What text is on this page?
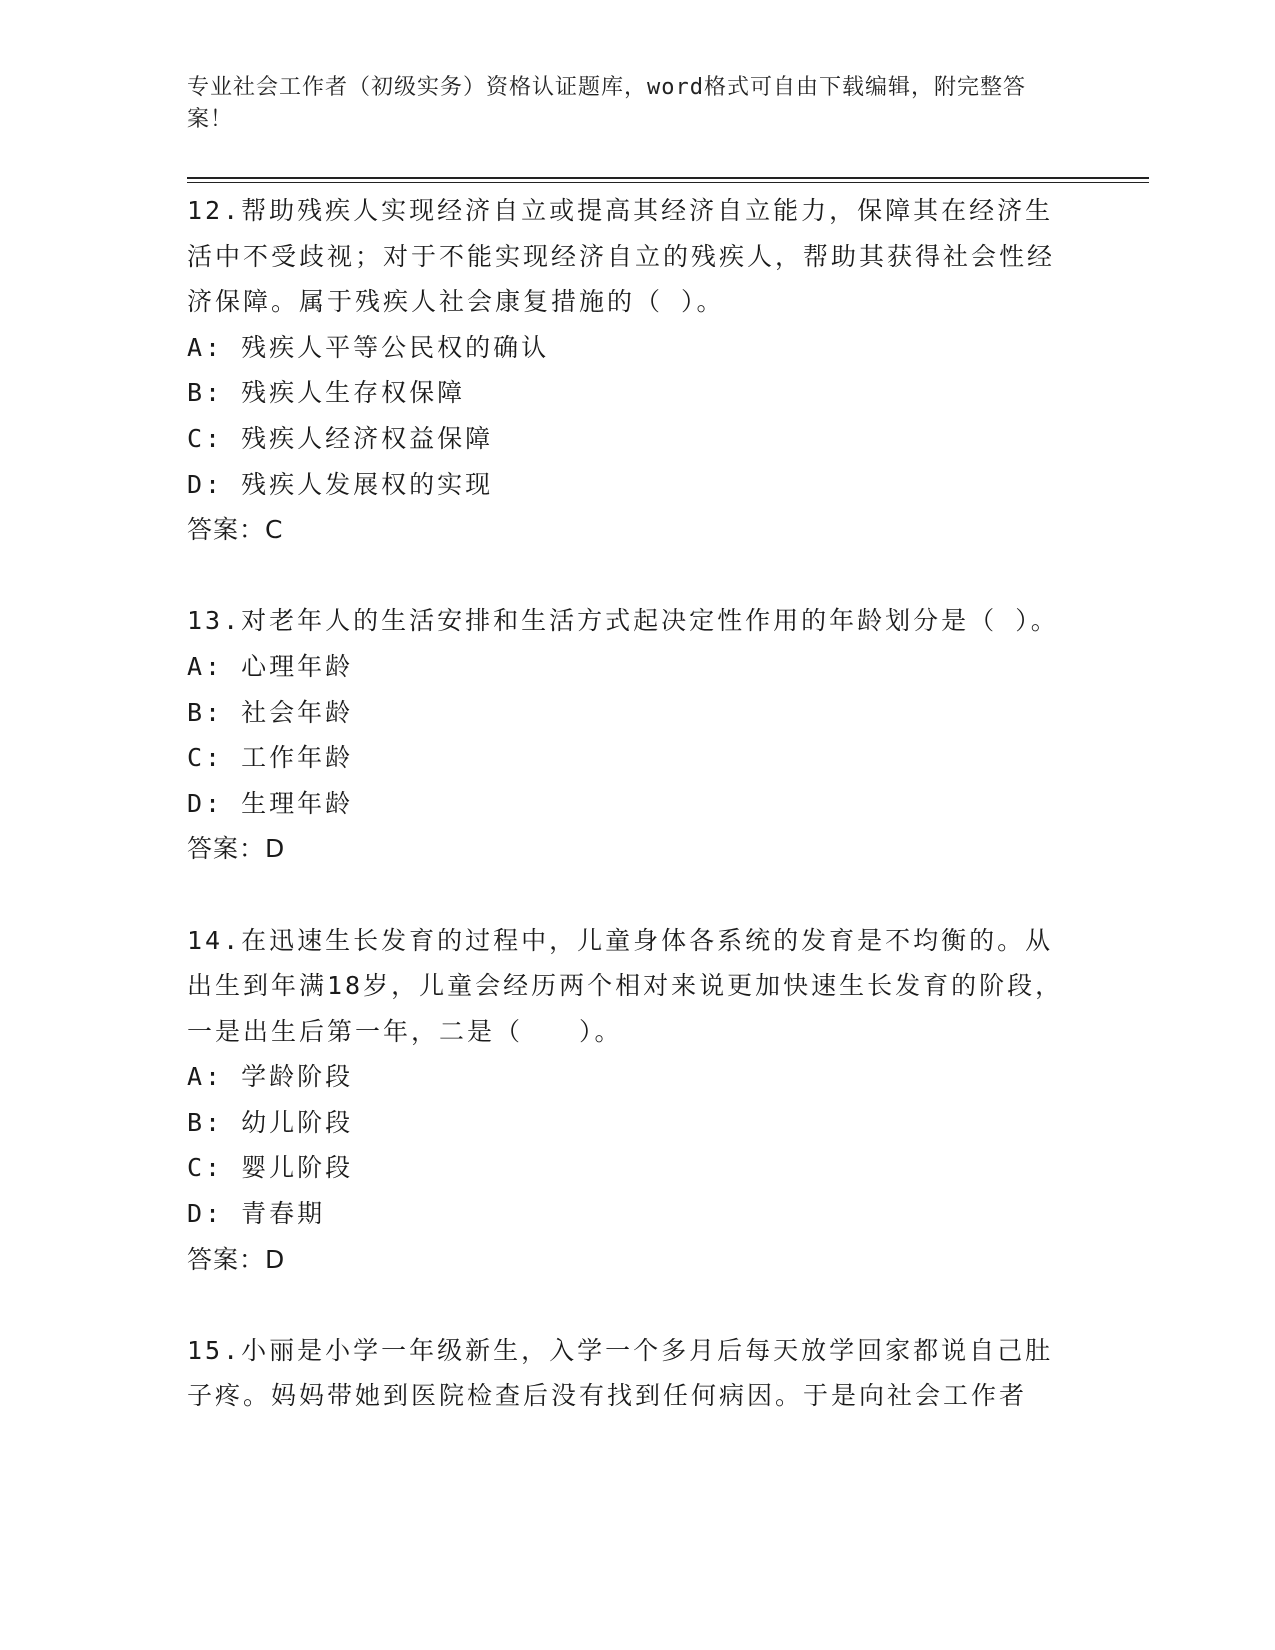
专业社会工作者（初级实务）资格认证题库，word格式可自由下载编辑，附完整答案！

12.帮助残疾人实现经济自立或提高其经济自立能力，保障其在经济生活中不受歧视；对于不能实现经济自立的残疾人，帮助其获得社会性经济保障。属于残疾人社会康复措施的（ ）。

A: 残疾人平等公民权的确认
B: 残疾人生存权保障
C: 残疾人经济权益保障
D: 残疾人发展权的实现
答案：C

13.对老年人的生活安排和生活方式起决定性作用的年龄划分是（ ）。

A: 心理年龄
B: 社会年龄
C: 工作年龄
D: 生理年龄
答案：D

14.在迅速生长发育的过程中，儿童身体各系统的发育是不均衡的。从出生到年满18岁，儿童会经历两个相对来说更加快速生长发育的阶段，一是出生后第一年，二是（　　）。

A: 学龄阶段
B: 幼儿阶段
C: 婴儿阶段
D: 青春期
答案：D

15.小丽是小学一年级新生，入学一个多月后每天放学回家都说自己肚子疼。妈妈带她到医院检查后没有找到任何病因。于是向社会工作者
